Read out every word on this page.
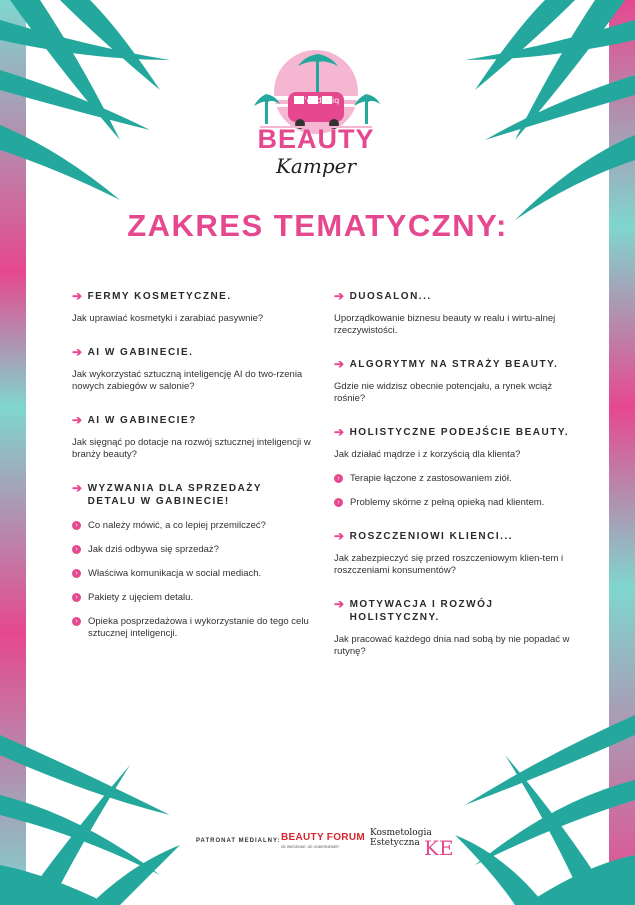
m'onduniq
BEAUTY
Kamper
ZAKRES TEMATYCZNY:
➔ FERMY KOSMETYCZNE.
Jak uprawiać kosmetyki i zarabiać pasywnie?
➔ AI W GABINECIE.
Jak wykorzystać sztuczną inteligencję AI do two-rzenia nowych zabiegów w salonie?
➔ AI W GABINECIE?
Jak sięgnąć po dotacje na rozwój sztucznej inteligencji w branży beauty?
➔ WYZWANIA DLA SPRZEDAŻY DETALU W GABINECIE!
›	Co należy mówić, a co lepiej przemilczeć?
›	Jak dziś odbywa się sprzedaż?
›	Właściwa komunikacja w social mediach.
›	Pakiety z ujęciem detalu.
›	Opieka posprzedażowa i wykorzystanie do tego celu sztucznej inteligencji.
➔ DUOSALON...
Uporządkowanie biznesu beauty w realu i wirtu-alnej rzeczywistości.
➔ ALGORYTMY NA STRAŻY BEAUTY.
Gdzie nie widzisz obecnie potencjału, a rynek wciąż rośnie?
➔ HOLISTYCZNE PODEJŚCIE BEAUTY.
Jak działać mądrze i z korzyścią dla klienta?
›	Terapie łączone z zastosowaniem ziół.
›	Problemy skórne z pełną opieką nad klientem.
➔ ROSZCZENIOWI KLIENCI...
Jak zabezpieczyć się przed roszczeniowym klien-tem i roszczeniami konsumentów?
➔ MOTYWACJA I ROZWÓJ HOLISTYCZNY.
Jak pracować każdego dnia nad sobą by nie popadać w rutynę?
PATRONAT MEDIALNY: BEAUTY FORUM
DE WIEDENDE, DE ONDERNEMER
Kosmetologia
Estetyczna KE
